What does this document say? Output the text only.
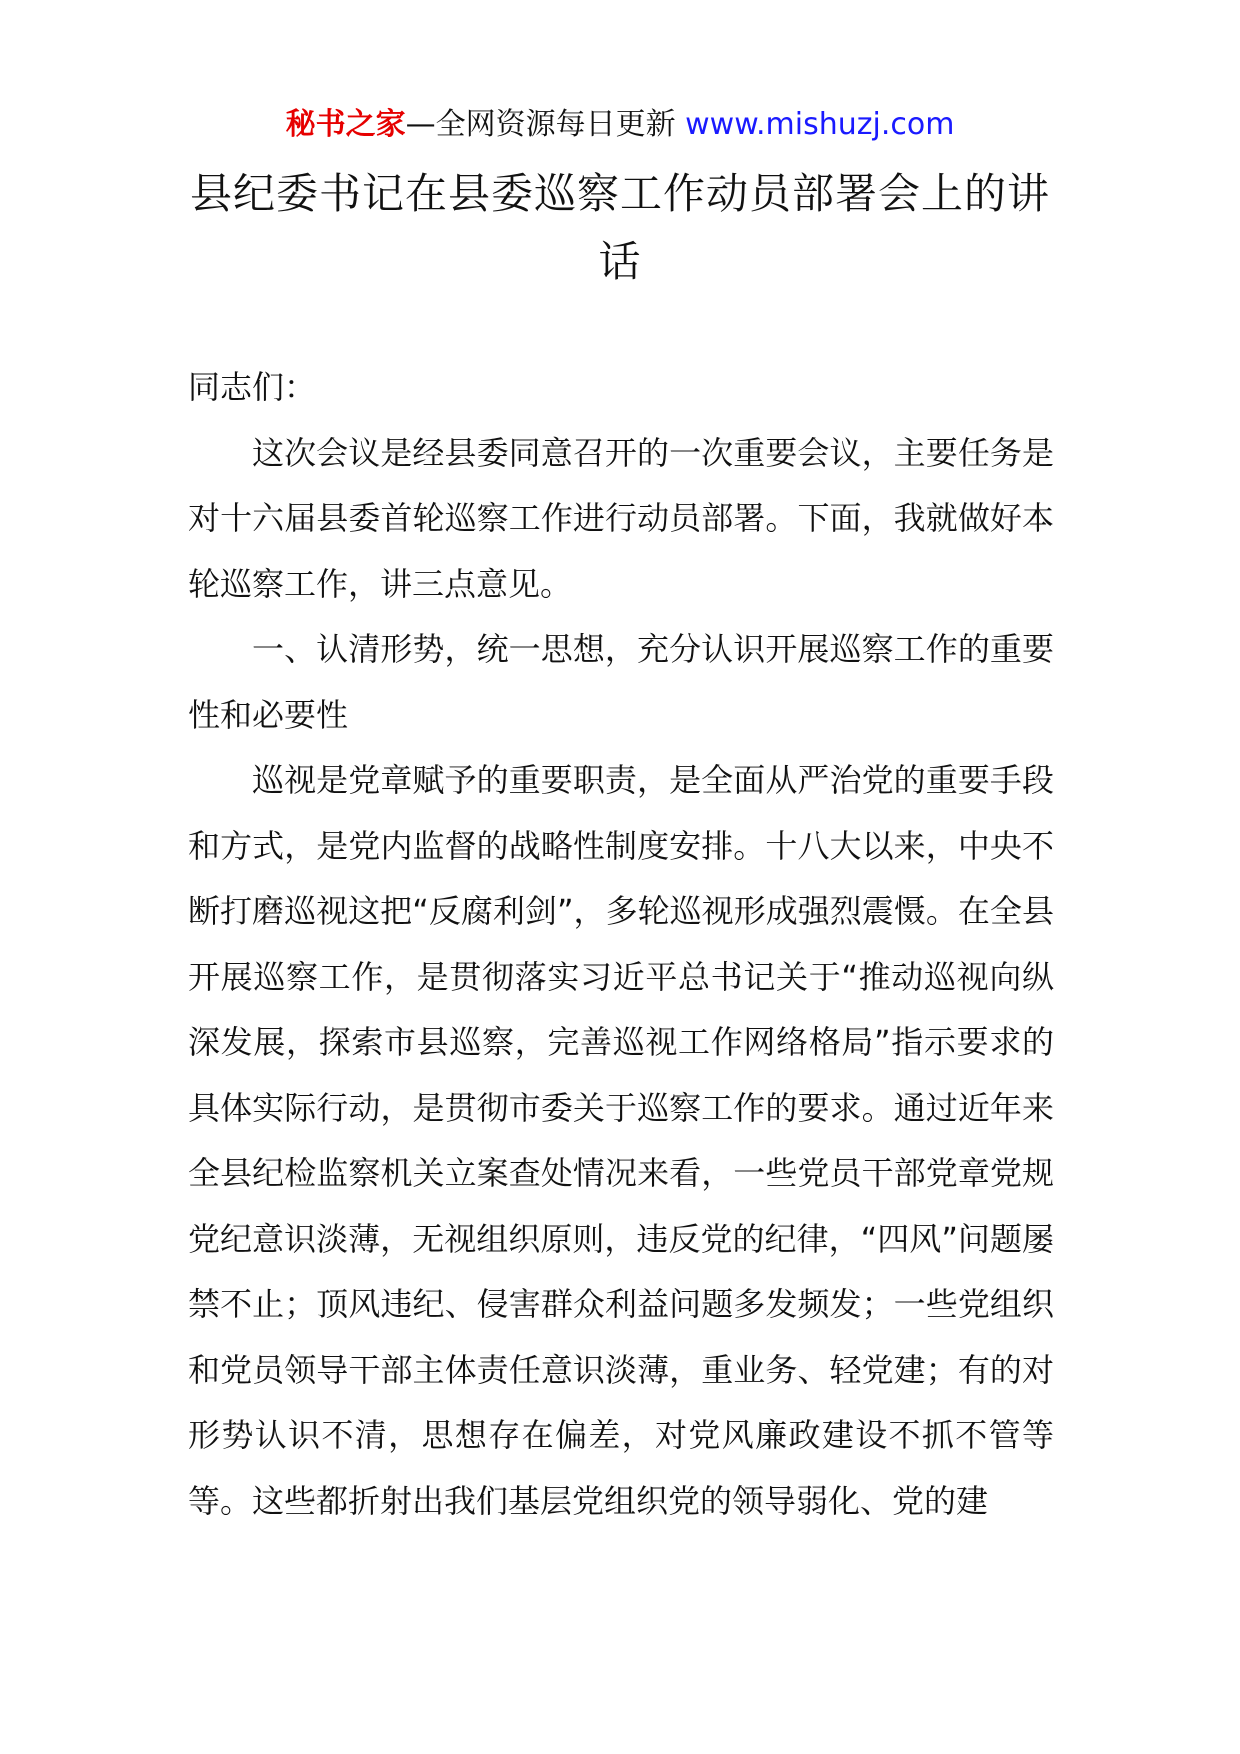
秘书之家—全网资源每日更新 www.mishuzj.com
县纪委书记在县委巡察工作动员部署会上的讲话

同志们：

这次会议是经县委同意召开的一次重要会议，主要任务是对十六届县委首轮巡察工作进行动员部署。下面，我就做好本轮巡察工作，讲三点意见。

一、认清形势，统一思想，充分认识开展巡察工作的重要性和必要性

巡视是党章赋予的重要职责，是全面从严治党的重要手段和方式，是党内监督的战略性制度安排。十八大以来，中央不断打磨巡视这把“反腐利剑”，多轮巡视形成强烈震慑。在全县开展巡察工作，是贯彻落实习近平总书记关于“推动巡视向纵深发展，探索市县巡察，完善巡视工作网络格局”指示要求的具体实际行动，是贯彻市委关于巡察工作的要求。通过近年来全县纪检监察机关立案查处情况来看，一些党员干部党章党规党纪意识淡薄，无视组织原则，违反党的纪律，“四风”问题屡禁不止；顶风违纪、侵害群众利益问题多发频发；一些党组织和党员领导干部主体责任意识淡薄，重业务、轻党建；有的对形势认识不清，思想存在偏差，对党风廉政建设不抓不管等等。这些都折射出我们基层党组织党的领导弱化、党的建
